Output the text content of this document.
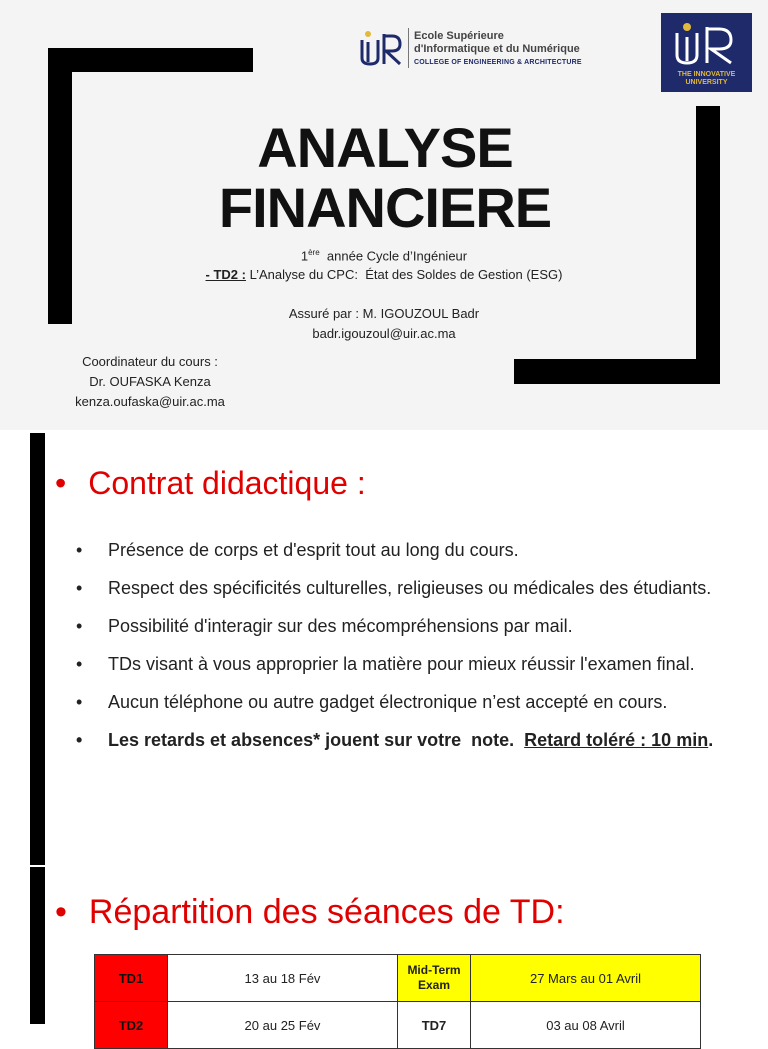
Ecole Supérieure
d'Informatique et du Numérique
COLLEGE OF ENGINEERING & ARCHITECTURE
THE INNOVATIVE
UNIVERSITY
ANALYSE
FINANCIERE
1ère  année Cycle d’Ingénieur
- TD2 : L’Analyse du CPC:  État des Soldes de Gestion (ESG)
Assuré par : M. IGOUZOUL Badr
badr.igouzoul@uir.ac.ma
Coordinateur du cours :
Dr. OUFASKA Kenza
kenza.oufaska@uir.ac.ma
• Contrat didactique :
• Présence de corps et d'esprit tout au long du cours.
• Respect des spécificités culturelles, religieuses ou médicales des étudiants.
• Possibilité d'interagir sur des mécompréhensions par mail.
• TDs visant à vous approprier la matière pour mieux réussir l'examen final.
• Aucun téléphone ou autre gadget électronique n’est accepté en cours.
• Les retards et absences* jouent sur votre  note.  Retard toléré : 10 min.
• Répartition des séances de TD:
TD1	13 au 18 Fév	Mid-Term Exam	27 Mars au 01 Avril
TD2	20 au 25 Fév	TD7	03 au 08 Avril
